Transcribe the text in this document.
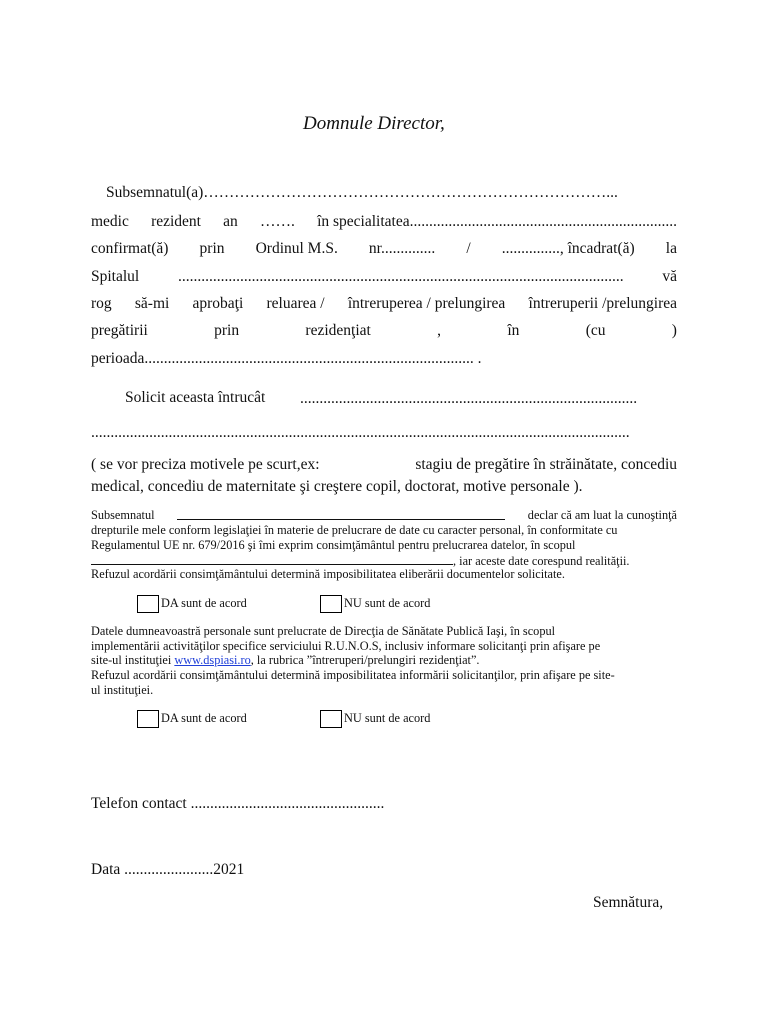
Domnule Director,
Subsemnatul(a)……………………………………………………………………...
medic rezident an ……. în specialitatea.....................................................................
confirmat(ă) prin Ordinul M.S. nr.............. / ..............., încadrat(ă) la
Spitalul	...................................................................................................................	vă
rog să-mi aprobaţi reluarea / întreruperea / prelungirea întreruperii /prelungirea
pregătirii	prin	rezidenţiat	,	în	(cu	)
perioada..................................................................................... .
Solicit aceasta întrucât .......................................................................................
...........................................................................................................................................
( se vor preciza motivele pe scurt,ex:	stagiu de pregătire în străinătate, concediu
medical, concediu de maternitate şi creştere copil, doctorat, motive personale ).
Subsemnatul	declar că am luat la cunoştinţă
drepturile mele conform legislaţiei în materie de prelucrare de date cu caracter personal, în conformitate cu
Regulamentul UE nr. 679/2016 şi îmi exprim consimţământul pentru prelucrarea datelor, în scopul
, iar aceste date corespund realităţii.
Refuzul acordării consimţământului determină imposibilitatea eliberării documentelor solicitate.
DA sunt de acord	NU sunt de acord
Datele dumneavoastră personale sunt prelucrate de Direcţia de Sănătate Publică Iaşi, în scopul
implementării activităţilor specifice serviciului R.U.N.O.S, inclusiv informare solicitanţi prin afişare pe
site-ul instituţiei www.dspiasi.ro, la rubrica ”întreruperi/prelungiri rezidenţiat”.
Refuzul acordării consimţământului determină imposibilitatea informării solicitanţilor, prin afişare pe site-
ul instituţiei.
DA sunt de acord	NU sunt de acord
Telefon contact ..................................................
Data .......................2021
Semnătura,
